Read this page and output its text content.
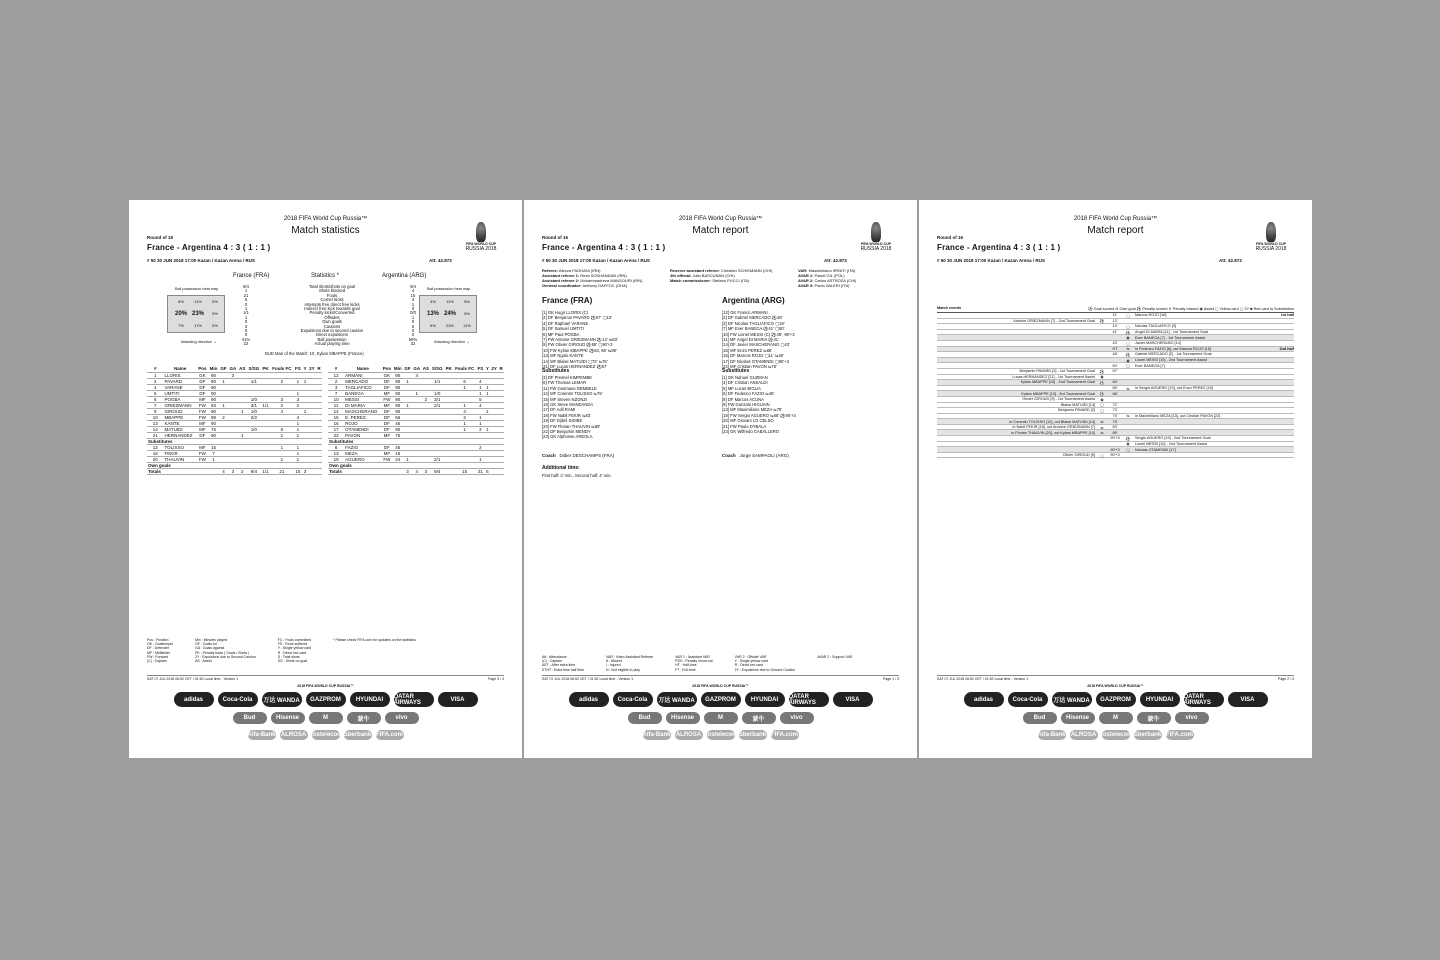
2018 FIFA World Cup Russia™
Match statistics
Round of 16
France - Argentina 4 : 3 ( 1 : 1 )
# 50 30 JUN 2018 17:00 Kazan / Kazan Arena / RUS	Att: 42.873
FIFA WORLD CUP
RUSSIA 2018
France (FRA)	Statistics *	Argentina (ARG)
Ball possession heat map	Ball possession heat map
8%	11%	5%
20% 23%	9%
7%	17%	6%
4%	11%	5%
13% 24%	9%
6%	23%	11%
Attacking direction →	Attacking direction →
9/4	Total shots/shots on goal	9/4
1	Shots blocked	4
21	Fouls	15
5	Corner kicks	4
0	Attempts free direct free kicks	1
1	Indirect free kick towards goal	0
1/1	Penalty kicks/Converted	0/0
1	Offsides	1
0	Own goals	0
3	Cautions	5
0	Expulsions due to second caution	0
0	Direct expulsions	0
41%	Ball possession	59%
22	Actual playing time	32
BUD Man of the Match: 10, Kylian MBAPPE (France)
#	Name	Pos	Min	GF	GA	AS	S/SG	PK	Fouls FC	FS	Y	2Y	R
1	LLORIS	GK	90		3								
2	PAVARD	DF	90	1			1/1		2	1	1		
4	VARANE	DF	90										
5	UMTITI	DF	90							1			
6	POGBA	MF	90				1/0		3	3			
7	GRIEZMANN	FW	83	1			3/1	1/1	2	2			
9	GIROUD	FW	90			1	1/0		4		1		
10	MBAPPE	FW	89	2			2/2			4			
13	KANTE	MF	90							1			
14	MATUIDI	MF	75				1/0		6	1			
21	HERNANDEZ	DF	90			1			1	1			
Substitutes													
12	TOLISSO	MF	15						1	1			
18	FEKIR	FW	7							1			
20	THAUVIN	FW	1						1	1			
Own goals													
Totals				4	3	2	9/4	1/1	21	15	3		
#	Name	Pos	Min	GF	GA	AS	S/SG	PK	Fouls FC	FS	Y	2Y	R
12	ARMANI	GK	90		4								
2	MERCADO	DF	90	1			1/1		6	4			
3	TAGLIAFICO	DF	90						1	1	1		
7	BANEGA	MF	90		1		1/0			1	1		
10	MESSI	FW	90			2	3/1			5			
11	DI MARIA	MF	90	1			2/1		1	4			
14	MASCHERANO	DF	90						4		1		
15	E. PEREZ	DF	66						2	1			
16	ROJO	DF	45						1	1			
17	OTAMENDI	DF	90						1	2	1		
22	PAVON	MF	75										
Substitutes													
6	FAZIO	DF	45							2			
13	MEZA	MF	15										
19	AGUERO	FW	24	1			2/1			1			
Own goals													
Totals				3	4	3	9/4		15	21	5		
Pos : Position
GK : Goalkeeper
DF : Defender
MF : Midfielder
FW : Forward
(C) : Captain
Min : Minutes played
GF : Goals for
GA : Goals against
PK : Penalty kicks ( Goals / Shots )
2Y : Expulsions due to Second Caution
AS : Assist
FC : Fouls committed
FS : Fouls suffered
Y : Single yellow card
R : Direct red card
S : Total shots
SG : Shots on goal
* Please check FIFA.com for updates on the statistics
SAT 07 JUL 2018 06:52 CET / 01:52 Local time - Version 1	Page 3 / 3
2018 FIFA WORLD CUP RUSSIA™
adidas	Coca-Cola	万达 WANDA	GAZPROM	HYUNDAI	QATAR AIRWAYS	VISA
Bud	Hisense	M	蒙牛	vivo
Alfa-Bank ALROSA Rostelecom Sberbank FIFA.com
2018 FIFA World Cup Russia™
Match report
Round of 16
France - Argentina 4 : 3 ( 1 : 1 )
# 50 30 JUN 2018 17:00 Kazan / Kazan Arena / RUS	Att: 42.873
FIFA WORLD CUP
RUSSIA 2018
Referee: Alireza FAGHANI (IRN)
Assistant referee 1: Reza SOKHANDAN (IRN)
Assistant referee 2: Mohammadreza MANSOURI (IRN)
General coordinator: Anthony DAFFOC (GHA)
Reserve assistant referee: Christian SCHIEMANN (CHI)
4th official: Julio BASCUNAN (CHI)
Match commissioner: Stefano PUCCI (ITA)
VAR: Massimiliano IRRATI (ITA)
AVAR 1: Pawel GIL (POL)
AVAR 2: Carlos ASTROZA (CHI)
AVAR 3: Paolo VALERI (ITA)
France (FRA)	Argentina (ARG)
[1] GK Hugo LLORIS (C)
[2] DF Benjamin PAVARD ⚽57' ▢13'
[4] DF Raphael VARANE
[5] DF Samuel UMTITI
[6] MF Paul POGBA
[7] FW Antoine GRIEZMANN ⚽13' ⇋83'
[9] FW Olivier GIROUD ⚽68' ▢90'+3
[10] FW Kylian MBAPPE ⚽64, 68' ⇋89'
[13] MF Ngolo KANTE
[14] MF Blaise MATUIDI ▢72' ⇋75'
[21] DF Lucas HERNANDEZ ⚽57'
Substitutes
[3] DF Presnel KIMPEMBE
[8] FW Thomas LEMAR
[11] FW Ousmane DEMBELE
[12] MF Corentin TOLISSO ⇋75'
[15] MF Steven NZONZI
[16] GK Steve MANDANDA
[17] DF Adil RAMI
[18] FW Nabil FEKIR ⇋83'
[19] DF Djibril SIDIBE
[20] FW Florian THAUVIN ⇋89'
[22] DF Benjamin MENDY
[23] GK Alphonse AREOLA
[12] GK Franco ARMANI
[2] DF Gabriel MERCADO ⚽48'
[3] DF Nicolas TAGLIAFICO ▢19'
[7] MF Ever BANEGA ⚽41' ▢50'
[10] FW Lionel MESSI (C) ⚽48', 90'+3
[11] MF Angel DI MARIA ⚽41'
[14] DF Javier MASCHERANO ▢43'
[15] MF Enzo PEREZ ⇋66'
[16] DF Marcos ROJO ▢11' ⇋46'
[17] DF Nicolas OTAMENDI ▢90'+3
[22] MF Cristian PAVON ⇋75'
Substitutes
[1] GK Nahuel GUZMAN
[4] DF Cristian ANSALDI
[5] MF Lucas BIGLIA
[6] DF Federico FAZIO ⇋46'
[8] DF Marcos ACUNA
[9] FW Gonzalo HIGUAIN
[13] MF Maximiliano MEZA ⇋75'
[19] FW Sergio AGUERO ⇋66' ⚽90'+3
[20] MF Giovani LO CELSO
[21] FW Paulo DYBALA
[23] GK Wilfredo CABALLERO
Coach Didier DESCHAMPS (FRA)	Coach Jorge SAMPAOLI (ARG)
Additional time:
First half: 2' min., Second half: 4' min.
Att : Attendance
(C) : Captain
AET : After extra time
ETHT : Extra time half time
VAR : Video Assistant Referee
A : Absent
I : Injured
N : Not eligible to play
VAR 1 : Assistant VAR
PSO : Penalty shoot-out
HT : Half-time
FT : Full-time
VAR 2 : Offside VAR
Y : Single yellow card
R : Direct red card
2Y : Expulsions due to Second Caution
AVAR 2 : Support VAR
SAT 07 JUL 2018 06:52 CET / 01:52 Local time - Version 1	Page 1 / 3
2018 FIFA WORLD CUP RUSSIA™
adidas	Coca-Cola	万达 WANDA	GAZPROM	HYUNDAI	QATAR AIRWAYS	VISA
Bud	Hisense	M	蒙牛	vivo
Alfa-Bank ALROSA Rostelecom Sberbank FIFA.com
2018 FIFA World Cup Russia™
Match report
Round of 16
France - Argentina 4 : 3 ( 1 : 1 )
# 50 30 JUN 2018 17:00 Kazan / Kazan Arena / RUS	Att: 42.873
FIFA WORLD CUP
RUSSIA 2018
Match events	⚽ Goal scored ⊘ Own goal ⚽ Penalty scored ✕ Penalty missed ◉ Assist ▢ Yellow card ▢ 2Y ■ Red card ⇋ Substitution
11'	▢	Marcos ROJO [16]	1st half
Antoine GRIEZMANN [7] - 2nd Tournament Goal	⚽	13'
19'	▢	Nicolas TAGLIAFICO [3]
41'	⚽	Angel DI MARIA [11] - 1st Tournament Goal
◉	Ever BANEGA [7] - 1st Tournament Assist
43'	▢	Javier MASCHERANO [14]
HT	⇋	in Federico FAZIO [6], out Marcos ROJO [16]	2nd half
48'	⚽	Gabriel MERCADO [2] - 1st Tournament Goal
◉	Lionel MESSI [10] - 2nd Tournament Assist
50'	▢	Ever BANEGA [7]
Benjamin PAVARD [2] - 1st Tournament Goal	⚽	57'
Lucas HERNANDEZ [21] - 1st Tournament Assist	◉
Kylian MBAPPE [10] - 2nd Tournament Goal	⚽	64'
66'	⇋	in Sergio AGUERO [19], out Enzo PEREZ [15]
Kylian MBAPPE [10] - 3rd Tournament Goal	⚽	68'
Olivier GIROUD [9] - 1st Tournament Assist	◉
Blaise MATUIDI [14]	▢	72'
Benjamin PAVARD [2]	▢	73'
75'	⇋	in Maximiliano MEZA [13], out Cristian PAVON [22]
in Corentin TOLISSO [12], out Blaise MATUIDI [14]	⇋	75'
in Nabil FEKIR [18], out Antoine GRIEZMANN [7]	⇋	83'
in Florian THAUVIN [20], out Kylian MBAPPE [10]	⇋	89'
90'+3	⚽	Sergio AGUERO [19] - 2nd Tournament Goal
◉	Lionel MESSI [10] - 2nd Tournament Assist
90'+3	▢	Nicolas OTAMENDI [17]
Olivier GIROUD [9]	▢	90'+3
SAT 07 JUL 2018 06:52 CET / 01:52 Local time - Version 1	Page 2 / 3
2018 FIFA WORLD CUP RUSSIA™
adidas	Coca-Cola	万达 WANDA	GAZPROM	HYUNDAI	QATAR AIRWAYS	VISA
Bud	Hisense	M	蒙牛	vivo
Alfa-Bank ALROSA Rostelecom Sberbank FIFA.com
